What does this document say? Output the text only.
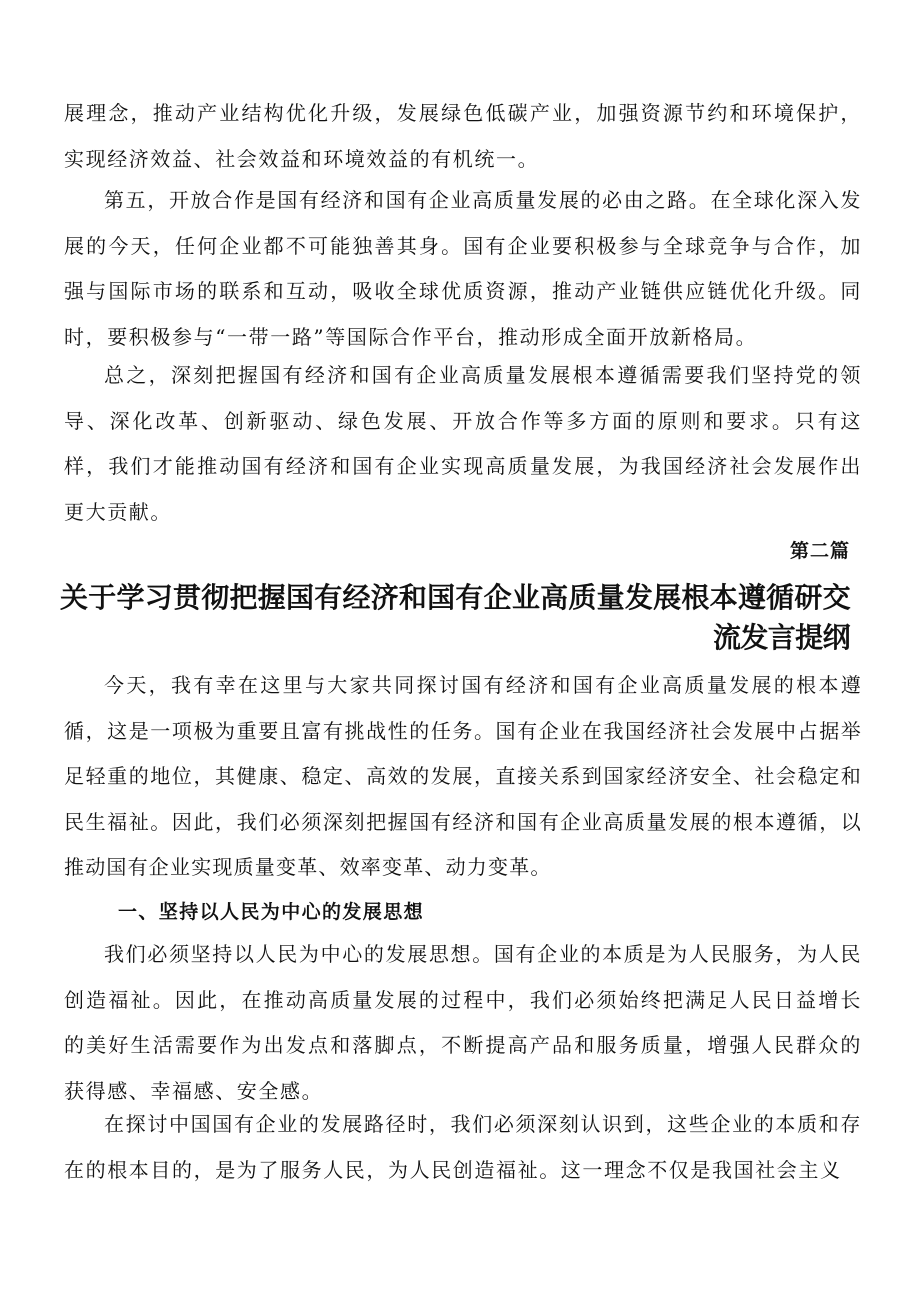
展理念，推动产业结构优化升级，发展绿色低碳产业，加强资源节约和环境保护，实现经济效益、社会效益和环境效益的有机统一。

第五，开放合作是国有经济和国有企业高质量发展的必由之路。在全球化深入发展的今天，任何企业都不可能独善其身。国有企业要积极参与全球竞争与合作，加强与国际市场的联系和互动，吸收全球优质资源，推动产业链供应链优化升级。同时，要积极参与“一带一路”等国际合作平台，推动形成全面开放新格局。

总之，深刻把握国有经济和国有企业高质量发展根本遵循需要我们坚持党的领导、深化改革、创新驱动、绿色发展、开放合作等多方面的原则和要求。只有这样，我们才能推动国有经济和国有企业实现高质量发展，为我国经济社会发展作出更大贡献。

第二篇

关于学习贯彻把握国有经济和国有企业高质量发展根本遵循研交流发言提纲

今天，我有幸在这里与大家共同探讨国有经济和国有企业高质量发展的根本遵循，这是一项极为重要且富有挑战性的任务。国有企业在我国经济社会发展中占据举足轻重的地位，其健康、稳定、高效的发展，直接关系到国家经济安全、社会稳定和民生福祉。因此，我们必须深刻把握国有经济和国有企业高质量发展的根本遵循，以推动国有企业实现质量变革、效率变革、动力变革。

一、坚持以人民为中心的发展思想

我们必须坚持以人民为中心的发展思想。国有企业的本质是为人民服务，为人民创造福祉。因此，在推动高质量发展的过程中，我们必须始终把满足人民日益增长的美好生活需要作为出发点和落脚点，不断提高产品和服务质量，增强人民群众的获得感、幸福感、安全感。

在探讨中国国有企业的发展路径时，我们必须深刻认识到，这些企业的本质和存在的根本目的，是为了服务人民，为人民创造福祉。这一理念不仅是我国社会主义
